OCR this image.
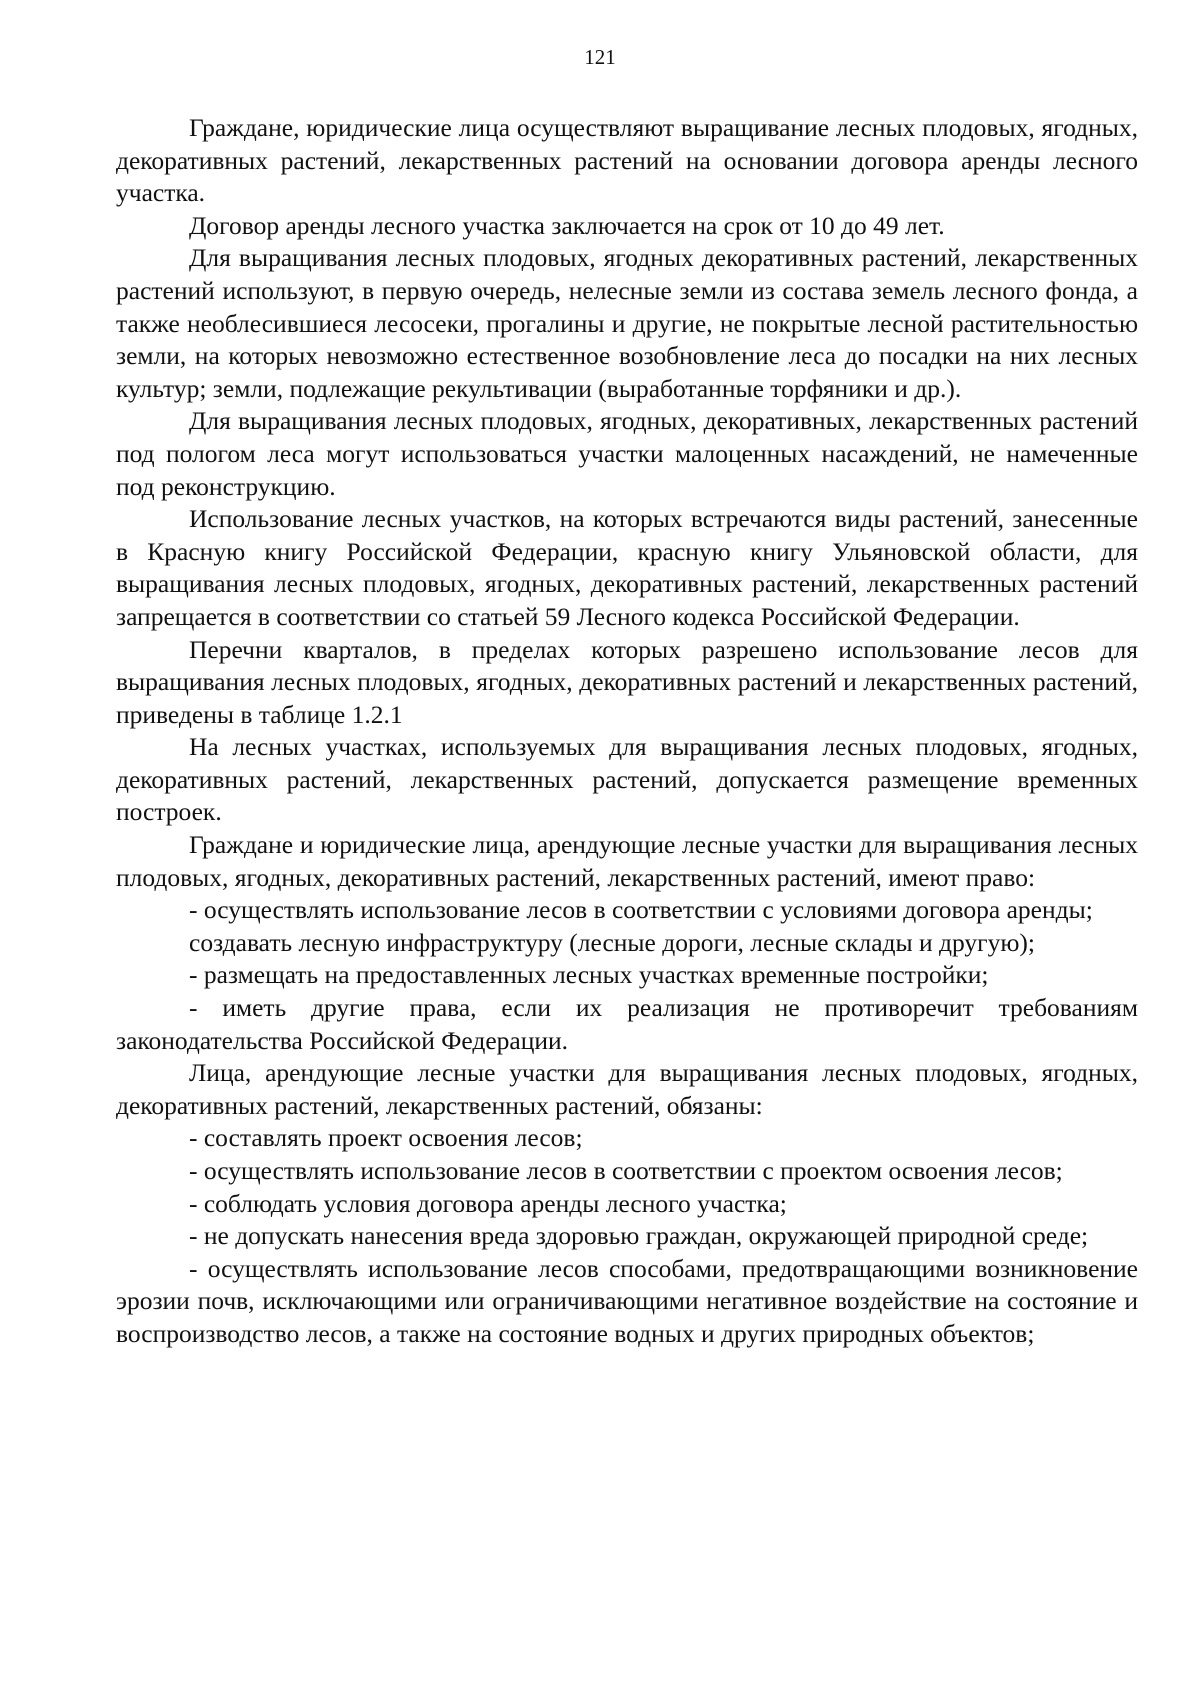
121

Граждане, юридические лица осуществляют выращивание лесных плодовых, ягодных, декоративных растений, лекарственных растений на основании договора аренды лесного участка.

Договор аренды лесного участка заключается на срок от 10 до 49 лет.

Для выращивания лесных плодовых, ягодных декоративных растений, лекарственных растений используют, в первую очередь, нелесные земли из состава земель лесного фонда, а также необлесившиеся лесосеки, прогалины и другие, не покрытые лесной растительностью земли, на которых невозможно естественное возобновление леса до посадки на них лесных культур; земли, подлежащие рекультивации (выработанные торфяники и др.).

Для выращивания лесных плодовых, ягодных, декоративных, лекарственных растений под пологом леса могут использоваться участки малоценных насаждений, не намеченные под реконструкцию.

Использование лесных участков, на которых встречаются виды растений, занесенные в Красную книгу Российской Федерации, красную книгу Ульяновской области, для выращивания лесных плодовых, ягодных, декоративных растений, лекарственных растений запрещается в соответствии со статьей 59 Лесного кодекса Российской Федерации.

Перечни кварталов, в пределах которых разрешено использование лесов для выращивания лесных плодовых, ягодных, декоративных растений и лекарственных растений, приведены в таблице 1.2.1

На лесных участках, используемых для выращивания лесных плодовых, ягодных, декоративных растений, лекарственных растений, допускается размещение временных построек.

Граждане и юридические лица, арендующие лесные участки для выращивания лесных плодовых, ягодных, декоративных растений, лекарственных растений, имеют право:

- осуществлять использование лесов в соответствии с условиями договора аренды;

создавать лесную инфраструктуру (лесные дороги, лесные склады и другую);

- размещать на предоставленных лесных участках временные постройки;

- иметь другие права, если их реализация не противоречит требованиям законодательства Российской Федерации.

Лица, арендующие лесные участки для выращивания лесных плодовых, ягодных, декоративных растений, лекарственных растений, обязаны:

- составлять проект освоения лесов;

- осуществлять использование лесов в соответствии с проектом освоения лесов;

- соблюдать условия договора аренды лесного участка;

- не допускать нанесения вреда здоровью граждан, окружающей природной среде;

- осуществлять использование лесов способами, предотвращающими возникновение эрозии почв, исключающими или ограничивающими негативное воздействие на состояние и воспроизводство лесов, а также на состояние водных и других природных объектов;
